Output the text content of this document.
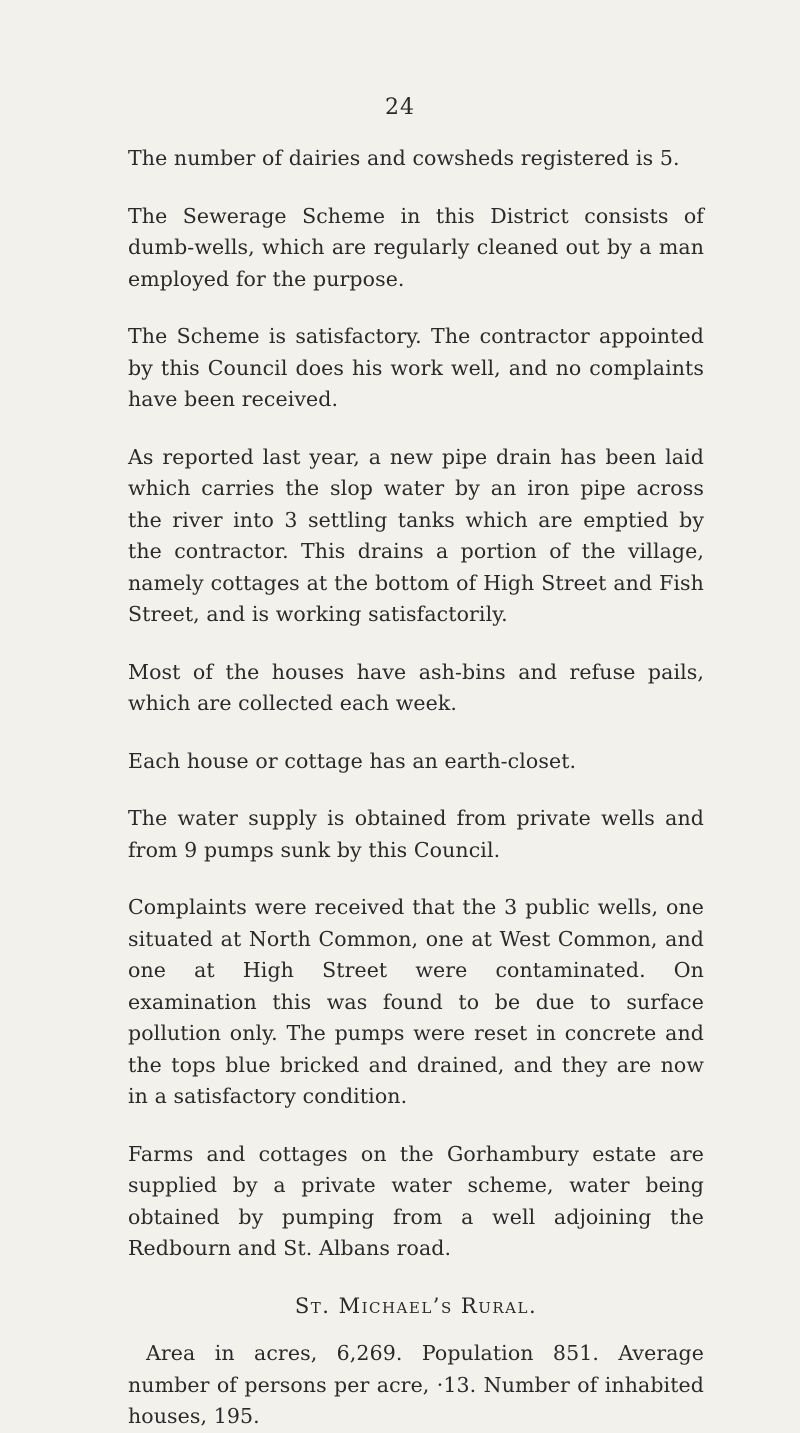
24

The number of dairies and cowsheds registered is 5.

The Sewerage Scheme in this District consists of dumb-wells, which are regularly cleaned out by a man employed for the purpose.

The Scheme is satisfactory. The contractor appointed by this Council does his work well, and no complaints have been received.

As reported last year, a new pipe drain has been laid which carries the slop water by an iron pipe across the river into 3 settling tanks which are emptied by the contractor. This drains a portion of the village, namely cottages at the bottom of High Street and Fish Street, and is working satisfactorily.

Most of the houses have ash-bins and refuse pails, which are collected each week.

Each house or cottage has an earth-closet.

The water supply is obtained from private wells and from 9 pumps sunk by this Council.

Complaints were received that the 3 public wells, one situated at North Common, one at West Common, and one at High Street were contaminated. On examination this was found to be due to surface pollution only. The pumps were reset in concrete and the tops blue bricked and drained, and they are now in a satisfactory condition.

Farms and cottages on the Gorhambury estate are supplied by a private water scheme, water being obtained by pumping from a well adjoining the Redbourn and St. Albans road.

St. Michael’s Rural.

Area in acres, 6,269. Population 851. Average number of persons per acre, ·13. Number of inhabited houses, 195.
